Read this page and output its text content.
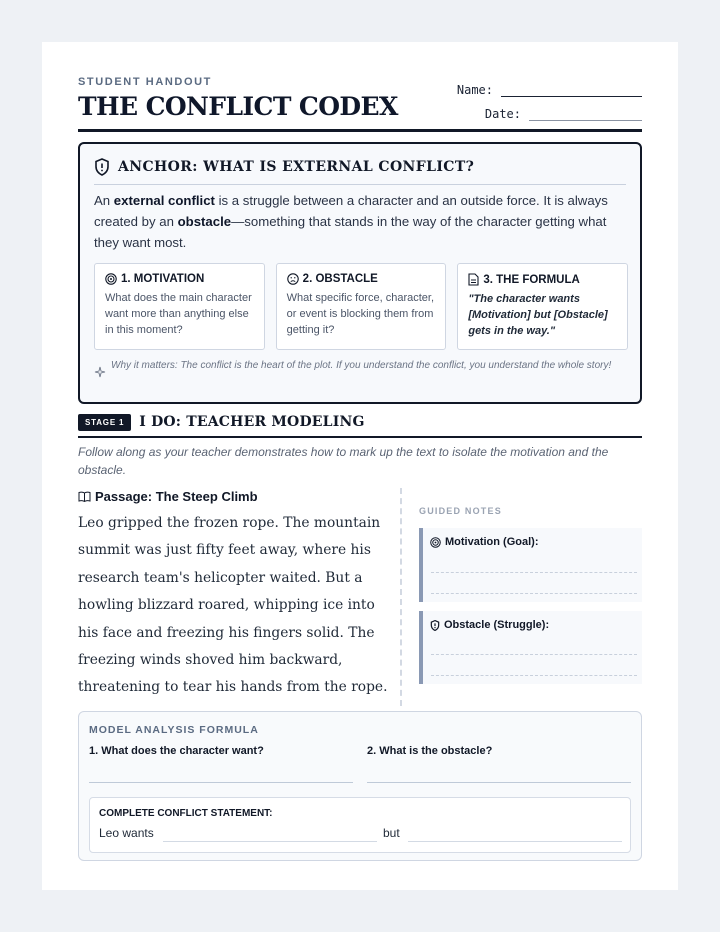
STUDENT HANDOUT
THE CONFLICT CODEX
Name:
Date:
ANCHOR: WHAT IS EXTERNAL CONFLICT?
An external conflict is a struggle between a character and an outside force. It is always created by an obstacle—something that stands in the way of the character getting what they want most.
1. MOTIVATION
What does the main character want more than anything else in this moment?
2. OBSTACLE
What specific force, character, or event is blocking them from getting it?
3. THE FORMULA
"The character wants [Motivation] but [Obstacle] gets in the way."
Why it matters: The conflict is the heart of the plot. If you understand the conflict, you understand the whole story!
STAGE 1	I DO: TEACHER MODELING
Follow along as your teacher demonstrates how to mark up the text to isolate the motivation and the obstacle.
Passage: The Steep Climb
Leo gripped the frozen rope. The mountain summit was just fifty feet away, where his research team's helicopter waited. But a howling blizzard roared, whipping ice into his face and freezing his fingers solid. The freezing winds shoved him backward, threatening to tear his hands from the rope.
GUIDED NOTES
Motivation (Goal):
Obstacle (Struggle):
MODEL ANALYSIS FORMULA
1. What does the character want?	2. What is the obstacle?
COMPLETE CONFLICT STATEMENT:
Leo wants	but
